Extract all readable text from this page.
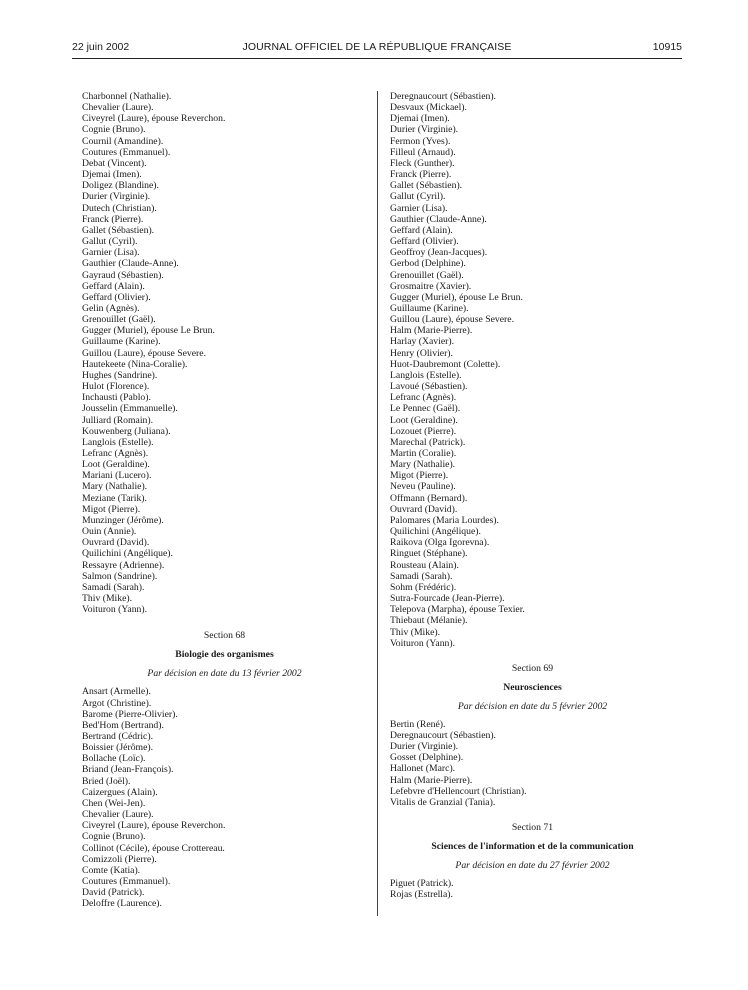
22 juin 2002	JOURNAL OFFICIEL DE LA RÉPUBLIQUE FRANÇAISE	10915
Charbonnel (Nathalie).
Chevalier (Laure).
Civeyrel (Laure), épouse Reverchon.
Cognie (Bruno).
Cournil (Amandine).
Coutures (Emmanuel).
Debat (Vincent).
Djemai (Imen).
Doligez (Blandine).
Durier (Virginie).
Dutech (Christian).
Franck (Pierre).
Gallet (Sébastien).
Gallut (Cyril).
Garnier (Lisa).
Gauthier (Claude-Anne).
Gayraud (Sébastien).
Geffard (Alain).
Geffard (Olivier).
Gelin (Agnès).
Grenouillet (Gaël).
Gugger (Muriel), épouse Le Brun.
Guillaume (Karine).
Guillou (Laure), épouse Severe.
Hautekeete (Nina-Coralie).
Hughes (Sandrine).
Hulot (Florence).
Inchausti (Pablo).
Jousselin (Emmanuelle).
Julliard (Romain).
Kouwenberg (Juliana).
Langlois (Estelle).
Lefranc (Agnès).
Loot (Geraldine).
Mariani (Lucero).
Mary (Nathalie).
Meziane (Tarik).
Migot (Pierre).
Munzinger (Jérôme).
Ouin (Annie).
Ouvrard (David).
Quilichini (Angélique).
Ressayre (Adrienne).
Salmon (Sandrine).
Samadi (Sarah).
Thiv (Mike).
Voituron (Yann).
Section 68
Biologie des organismes
Par décision en date du 13 février 2002
Ansart (Armelle).
Argot (Christine).
Barome (Pierre-Olivier).
Bed'Hom (Bertrand).
Bertrand (Cédric).
Boissier (Jérôme).
Bollache (Loïc).
Briand (Jean-François).
Bried (Joël).
Caizergues (Alain).
Chen (Wei-Jen).
Chevalier (Laure).
Civeyrel (Laure), épouse Reverchon.
Cognie (Bruno).
Collinot (Cécile), épouse Crottereau.
Comizzoli (Pierre).
Comte (Katia).
Coutures (Emmanuel).
David (Patrick).
Deloffre (Laurence).
Deregnaucourt (Sébastien).
Desvaux (Mickael).
Djemai (Imen).
Durier (Virginie).
Fermon (Yves).
Filleul (Arnaud).
Fleck (Gunther).
Franck (Pierre).
Gallet (Sébastien).
Gallut (Cyril).
Garnier (Lisa).
Gauthier (Claude-Anne).
Geffard (Alain).
Geffard (Olivier).
Geoffroy (Jean-Jacques).
Gerbod (Delphine).
Grenouillet (Gaël).
Grosmaitre (Xavier).
Gugger (Muriel), épouse Le Brun.
Guillaume (Karine).
Guillou (Laure), épouse Severe.
Halm (Marie-Pierre).
Harlay (Xavier).
Henry (Olivier).
Huot-Daubremont (Colette).
Langlois (Estelle).
Lavoué (Sébastien).
Lefranc (Agnès).
Le Pennec (Gaël).
Loot (Geraldine).
Lozouet (Pierre).
Marechal (Patrick).
Martin (Coralie).
Mary (Nathalie).
Migot (Pierre).
Neveu (Pauline).
Offmann (Bernard).
Ouvrard (David).
Palomares (Maria Lourdes).
Quilichini (Angélique).
Raikova (Olga Igorevna).
Ringuet (Stéphane).
Rousteau (Alain).
Samadi (Sarah).
Sohm (Frédéric).
Sutra-Fourcade (Jean-Pierre).
Telepova (Marpha), épouse Texier.
Thiebaut (Mélanie).
Thiv (Mike).
Voituron (Yann).
Section 69
Neurosciences
Par décision en date du 5 février 2002
Bertin (René).
Deregnaucourt (Sébastien).
Durier (Virginie).
Gosset (Delphine).
Hallonet (Marc).
Halm (Marie-Pierre).
Lefebvre d'Hellencourt (Christian).
Vitalis de Granzial (Tania).
Section 71
Sciences de l'information et de la communication
Par décision en date du 27 février 2002
Piguet (Patrick).
Rojas (Estrella).
